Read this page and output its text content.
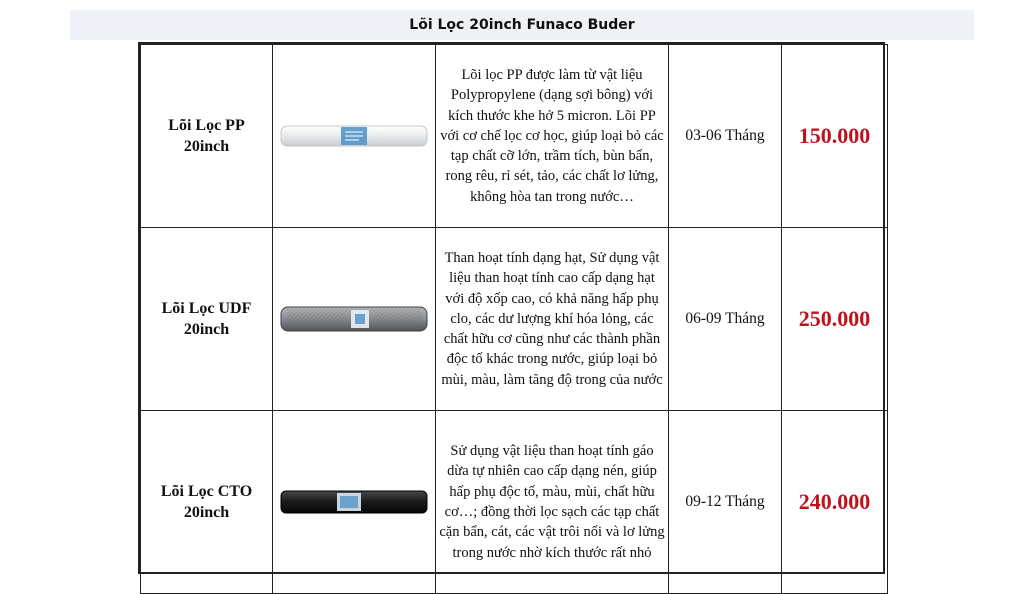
Lõi Lọc 20inch Funaco Buder
Lõi Lọc PP
20inch		Lõi lọc PP được làm từ vật liệu Polypropylene (dạng sợi bông) với kích thước khe hở 5 micron. Lõi PP với cơ chế lọc cơ học, giúp loại bỏ các tạp chất cỡ lớn, trầm tích, bùn bẩn, rong rêu, rỉ sét, tảo, các chất lơ lửng, không hòa tan trong nước…	03-06 Tháng	150.000

Lõi Lọc UDF
20inch		Than hoạt tính dạng hạt, Sử dụng vật liệu than hoạt tính cao cấp dạng hạt với độ xốp cao, có khả năng hấp phụ clo, các dư lượng khí hóa lỏng, các chất hữu cơ cũng như các thành phần độc tố khác trong nước, giúp loại bỏ mùi, màu, làm tăng độ trong của nước	06-09 Tháng	250.000

Lõi Lọc CTO
20inch		Sử dụng vật liệu than hoạt tính gáo dừa tự nhiên cao cấp dạng nén, giúp hấp phụ độc tố, màu, mùi, chất hữu cơ…; đồng thời lọc sạch các tạp chất cặn bẩn, cát, các vật trôi nổi và lơ lửng trong nước nhờ kích thước rất nhỏ	09-12 Tháng	240.000
